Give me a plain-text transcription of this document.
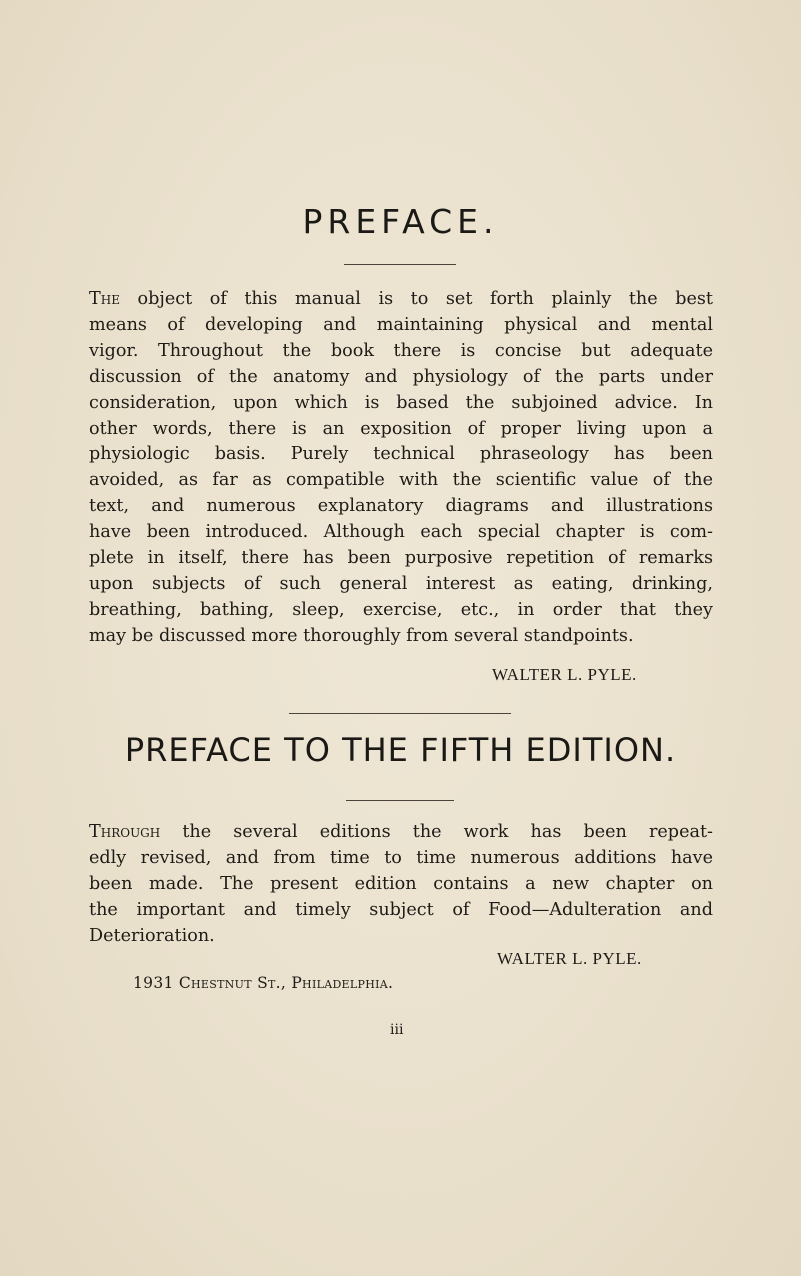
PREFACE.

The object of this manual is to set forth plainly the best
means of developing and maintaining physical and mental
vigor. Throughout the book there is concise but adequate
discussion of the anatomy and physiology of the parts under
consideration, upon which is based the subjoined advice. In
other words, there is an exposition of proper living upon a
physiologic basis. Purely technical phraseology has been
avoided, as far as compatible with the scientific value of the
text, and numerous explanatory diagrams and illustrations
have been introduced. Although each special chapter is com-
plete in itself, there has been purposive repetition of remarks
upon subjects of such general interest as eating, drinking,
breathing, bathing, sleep, exercise, etc., in order that they
may be discussed more thoroughly from several standpoints.

WALTER L. PYLE.

PREFACE TO THE FIFTH EDITION.

Through the several editions the work has been repeat-
edly revised, and from time to time numerous additions have
been made. The present edition contains a new chapter on
the important and timely subject of Food—Adulteration and
Deterioration.

WALTER L. PYLE.

1931 Chestnut St., Philadelphia.

iii
